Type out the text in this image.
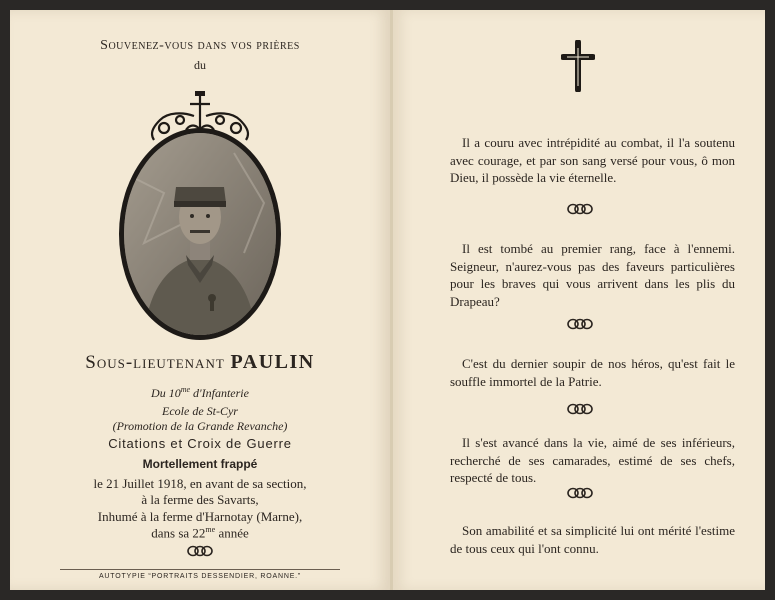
Souvenez-vous dans vos prières
du
Sous-lieutenant PAULIN
Du $10^{me}$ d'Infanterie
Ecole de St-Cyr
(Promotion de la Grande Revanche)
Citations et Croix de Guerre
Mortellement frappé
le 21 Juillet 1918, en avant de sa section,
à la ferme des Savarts,
Inhumé à la ferme d'Harnotay (Marne),
dans sa $22^{me}$ année
AUTOTYPIE “PORTRAITS DESSENDIER, ROANNE.”
Il a couru avec intrépidité au combat, il l'a soutenu avec courage, et par son sang versé pour vous, ô mon Dieu, il possède la vie éternelle.
Il est tombé au premier rang, face à l'ennemi. Seigneur, n'aurez-vous pas des faveurs particulières pour les braves qui vous arrivent dans les plis du Drapeau?
C'est du dernier soupir de nos héros, qu'est fait le souffle immortel de la Patrie.
Il s'est avancé dans la vie, aimé de ses inférieurs, recherché de ses camarades, estimé de ses chefs, respecté de tous.
Son amabilité et sa simplicité lui ont mérité l'estime de tous ceux qui l'ont connu.
